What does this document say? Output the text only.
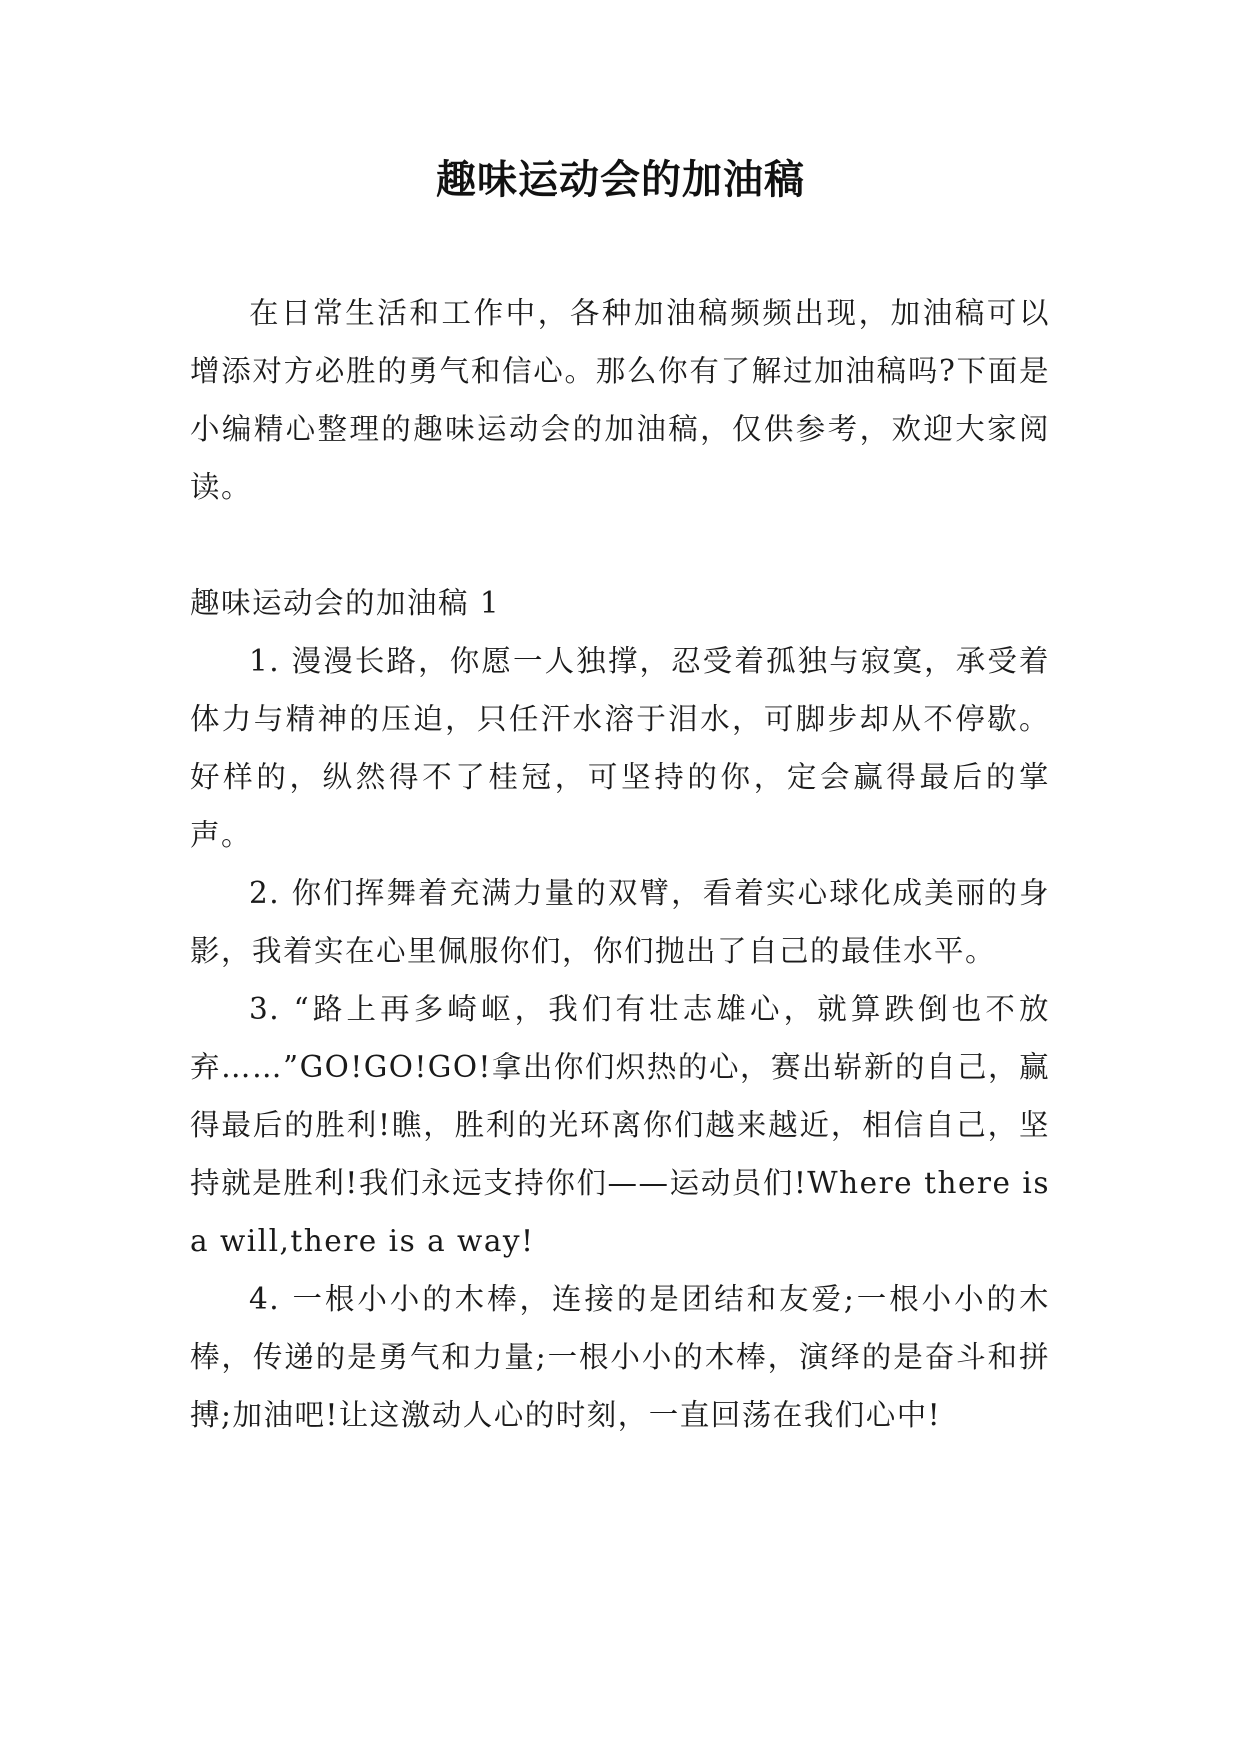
趣味运动会的加油稿

在日常生活和工作中，各种加油稿频频出现，加油稿可以增添对方必胜的勇气和信心。那么你有了解过加油稿吗?下面是小编精心整理的趣味运动会的加油稿，仅供参考，欢迎大家阅读。

趣味运动会的加油稿 1

1. 漫漫长路，你愿一人独撑，忍受着孤独与寂寞，承受着体力与精神的压迫，只任汗水溶于泪水，可脚步却从不停歇。好样的，纵然得不了桂冠，可坚持的你，定会赢得最后的掌声。

2. 你们挥舞着充满力量的双臂，看着实心球化成美丽的身影，我着实在心里佩服你们，你们抛出了自己的最佳水平。

3. “路上再多崎岖，我们有壮志雄心，就算跌倒也不放弃……”GO!GO!GO!拿出你们炽热的心，赛出崭新的自己，赢得最后的胜利!瞧，胜利的光环离你们越来越近，相信自己，坚持就是胜利!我们永远支持你们——运动员们!Where there is a will,there is a way!

4. 一根小小的木棒，连接的是团结和友爱;一根小小的木棒，传递的是勇气和力量;一根小小的木棒，演绎的是奋斗和拼搏;加油吧!让这激动人心的时刻，一直回荡在我们心中!
